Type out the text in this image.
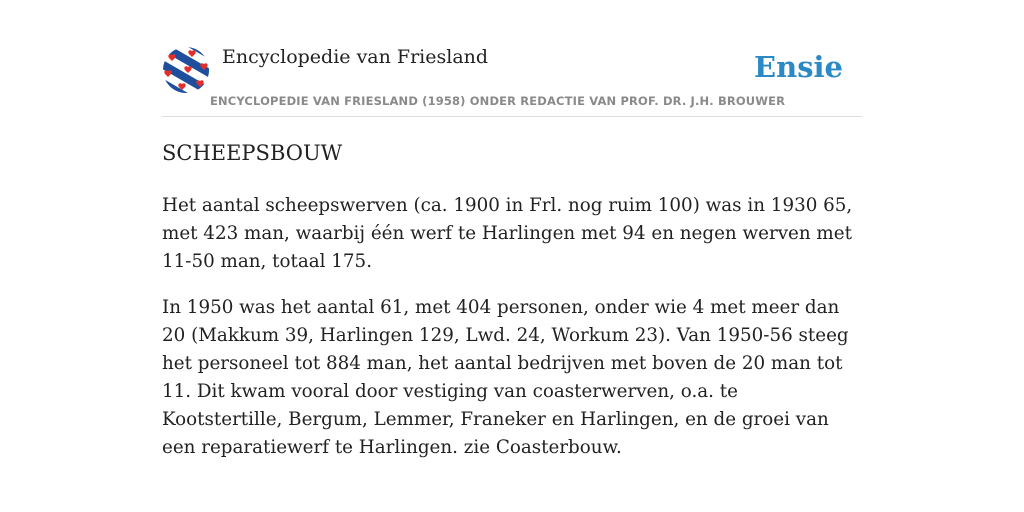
Encyclopedie van Friesland
ENCYCLOPEDIE VAN FRIESLAND (1958) ONDER REDACTIE VAN PROF. DR. J.H. BROUWER
Ensie
SCHEEPSBOUW

Het aantal scheepswerven (ca. 1900 in Frl. nog ruim 100) was in 1930 65, met 423 man, waarbij één werf te Harlingen met 94 en negen werven met 11-50 man, totaal 175.

In 1950 was het aantal 61, met 404 personen, onder wie 4 met meer dan 20 (Makkum 39, Harlingen 129, Lwd. 24, Workum 23). Van 1950-56 steeg het personeel tot 884 man, het aantal bedrijven met boven de 20 man tot 11. Dit kwam vooral door vestiging van coasterwerven, o.a. te Kootstertille, Bergum, Lemmer, Franeker en Harlingen, en de groei van een reparatiewerf te Harlingen. zie Coasterbouw.
